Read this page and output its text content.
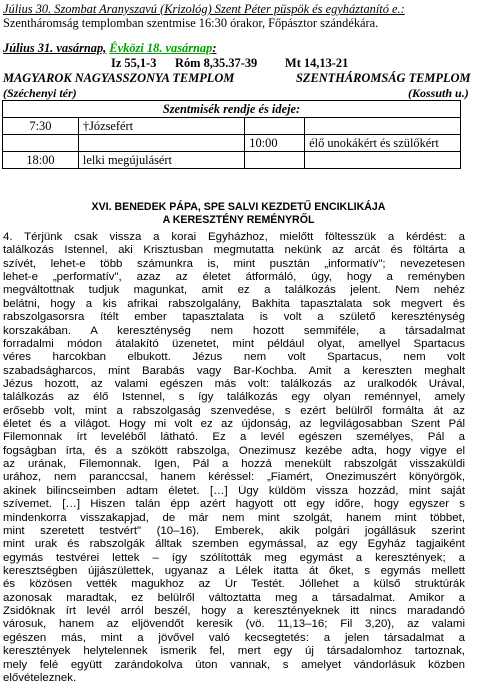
Július 30. Szombat Aranyszavú (Krizológ) Szent Péter püspök és egyháztanító e.:
Szentháromság templomban szentmise 16:30 órakor, Főpásztor szándékára.
Július 31. vasárnap, Évközi 18. vasárnap:
Iz 55,1-3 Róm 8,35.37-39 Mt 14,13-21
MAGYAROK NAGYASSZONYA TEMPLOM	SZENTHÁROMSÁG TEMPLOM
(Széchenyi tér)	(Kossuth u.)
Szentmisék rendje és ideje:			
7:30	†Józsefért		
		10:00	élő unokákért és szülőkért
18:00	lelki megújulásért		
XVI. BENEDEK PÁPA, SPE SALVI KEZDETŰ ENCIKLIKÁJA
A KERESZTÉNY REMÉNYRŐL
4. Térjünk csak vissza a korai Egyházhoz, mielőtt föltesszük a kérdést: a
találkozás Istennel, aki Krisztusban megmutatta nekünk az arcát és föltárta a
szívét, lehet-e több számunkra is, mint pusztán „informatív"; nevezetesen
lehet-e „performatív", azaz az életet átformáló, úgy, hogy a reményben
megváltottnak tudjuk magunkat, amit ez a találkozás jelent. Nem nehéz
belátni, hogy a kis afrikai rabszolgalány, Bakhita tapasztalata sok megvert és
rabszolgasorsra ítélt ember tapasztalata is volt a születő kereszténység
korszakában. A kereszténység nem hozott semmiféle, a társadalmat
forradalmi módon átalakító üzenetet, mint például olyat, amellyel Spartacus
véres harcokban elbukott. Jézus nem volt Spartacus, nem volt
szabadságharcos, mint Barabás vagy Bar-Kochba. Amit a kereszten meghalt
Jézus hozott, az valami egészen más volt: találkozás az uralkodók Urával,
találkozás az élő Istennel, s így találkozás egy olyan reménnyel, amely
erősebb volt, mint a rabszolgaság szenvedése, s ezért belülről formálta át az
életet és a világot. Hogy mi volt ez az újdonság, az legvilágosabban Szent Pál
Filemonnak írt leveléből látható. Ez a levél egészen személyes, Pál a
fogságban írta, és a szökött rabszolga, Onezimusz kezébe adta, hogy vigye el
az urának, Filemonnak. Igen, Pál a hozzá menekült rabszolgát visszaküldi
urához, nem paranccsal, hanem kéréssel: „Fiamért, Onezimuszért könyörgök,
akinek bilincseimben adtam életet. […] Úgy küldöm vissza hozzád, mint saját
szívemet. […] Hiszen talán épp azért hagyott ott egy időre, hogy egyszer s
mindenkorra visszakapjad, de már nem mint szolgát, hanem mint többet,
mint szeretett testvért" (10–16). Emberek, akik polgári jogállásuk szerint
mint urak és rabszolgák álltak szemben egymással, az egy Egyház tagjaiként
egymás testvérei lettek – így szólították meg egymást a keresztények; a
keresztségben újjászülettek, ugyanaz a Lélek itatta át őket, s egymás mellett
és közösen vették magukhoz az Úr Testét. Jóllehet a külső struktúrák
azonosak maradtak, ez belülről változtatta meg a társadalmat. Amikor a
Zsidóknak írt levél arról beszél, hogy a keresztényeknek itt nincs maradandó
városuk, hanem az eljövendőt keresik (vö. 11,13–16; Fil 3,20), az valami
egészen más, mint a jövővel való kecsegtetés: a jelen társadalmat a
keresztények helytelennek ismerik fel, mert egy új társadalomhoz tartoznak,
mely felé együtt zarándokolva úton vannak, s amelyet vándorlásuk közben
elővételeznek.
